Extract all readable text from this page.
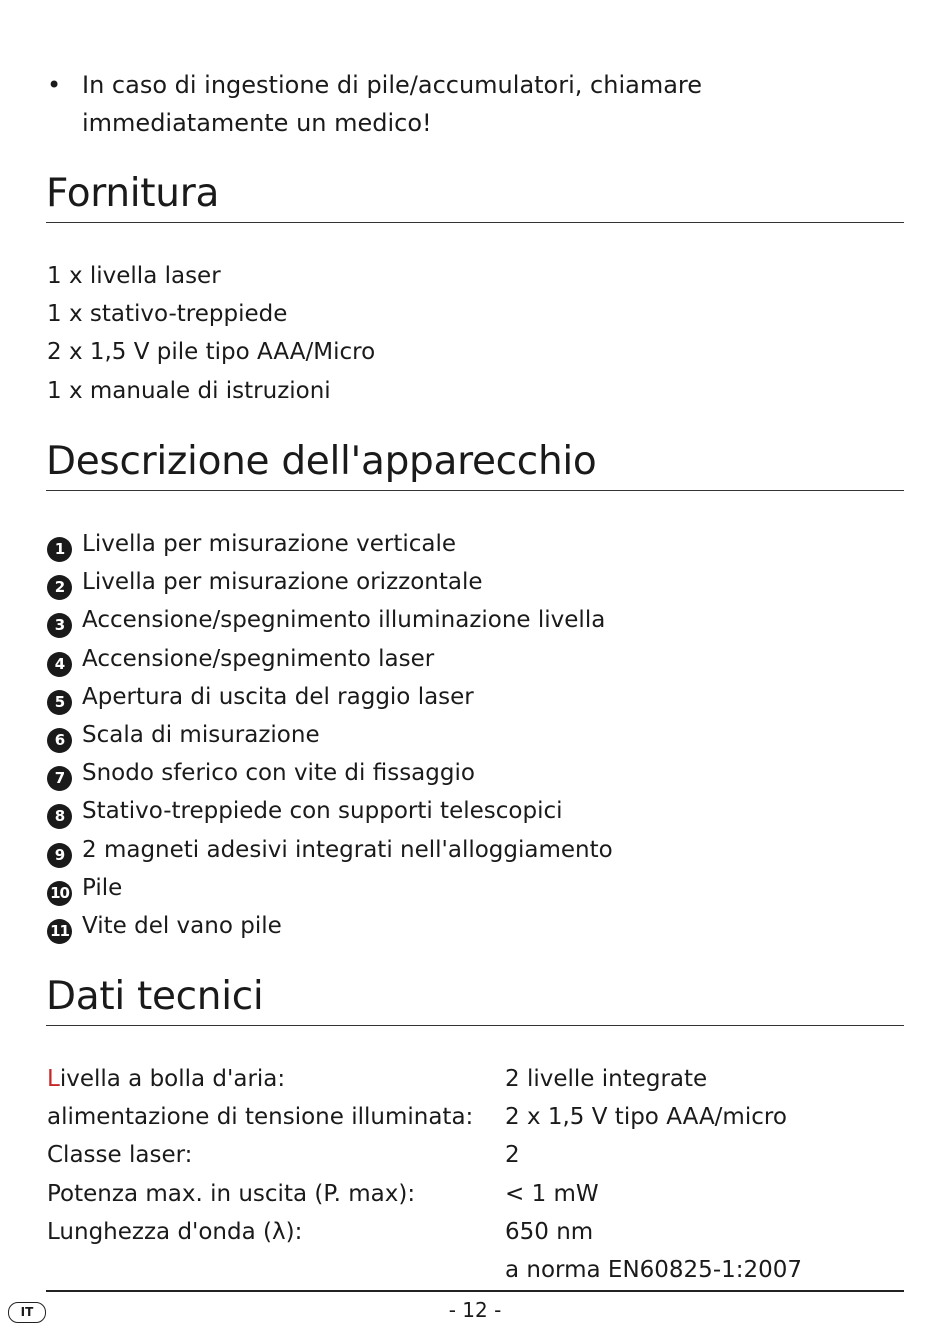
• In caso di ingestione di pile/accumulatori, chiamare immediatamente un medico!
Fornitura
1 x livella laser
1 x stativo-treppiede
2 x 1,5 V pile tipo AAA/Micro
1 x manuale di istruzioni
Descrizione dell'apparecchio
1 Livella per misurazione verticale
2 Livella per misurazione orizzontale
3 Accensione/spegnimento illuminazione livella
4 Accensione/spegnimento laser
5 Apertura di uscita del raggio laser
6 Scala di misurazione
7 Snodo sferico con vite di fissaggio
8 Stativo-treppiede con supporti telescopici
9 2 magneti adesivi integrati nell'alloggiamento
10 Pile
11 Vite del vano pile
Dati tecnici
Livella a bolla d'aria:	2 livelle integrate
alimentazione di tensione illuminata: 2 x 1,5 V tipo AAA/micro
Classe laser:	2
Potenza max. in uscita (P. max):	< 1 mW
Lunghezza d'onda (λ):	650 nm
a norma EN60825-1:2007
IT	- 12 -
